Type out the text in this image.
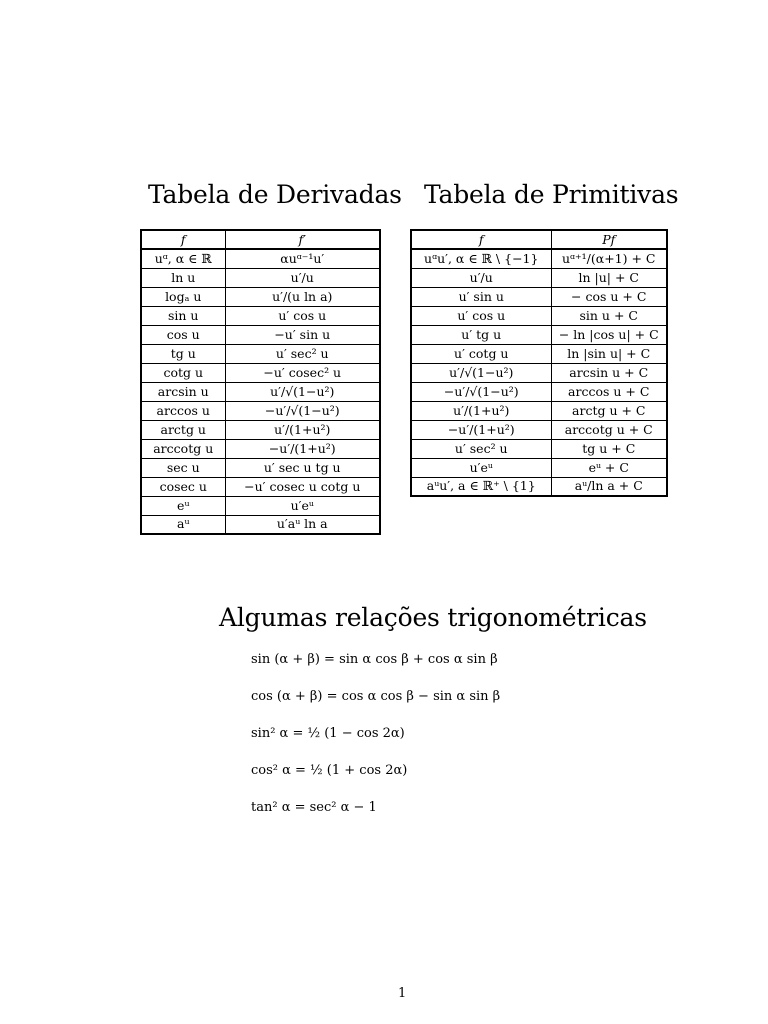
Tabela de Derivadas Tabela de Primitivas
f	f′
uᵅ, α ∈ ℝ	αuᵅ⁻¹u′
ln u	u′/u
logₐ u	u′/(u ln a)
sin u	u′ cos u
cos u	−u′ sin u
tg u	u′ sec² u
cotg u	−u′ cosec² u
arcsin u	u′/√(1−u²)
arccos u	−u′/√(1−u²)
arctg u	u′/(1+u²)
arccotg u	−u′/(1+u²)
sec u	u′ sec u tg u
cosec u	−u′ cosec u cotg u
eᵘ	u′eᵘ
aᵘ	u′aᵘ ln a
f	Pf
uᵅu′, α ∈ ℝ \ {−1}	uᵅ⁺¹/(α+1) + C
u′/u	ln |u| + C
u′ sin u	− cos u + C
u′ cos u	sin u + C
u′ tg u	− ln |cos u| + C
u′ cotg u	ln |sin u| + C
u′/√(1−u²)	arcsin u + C
−u′/√(1−u²)	arccos u + C
u′/(1+u²)	arctg u + C
−u′/(1+u²)	arccotg u + C
u′ sec² u	tg u + C
u′eᵘ	eᵘ + C
aᵘu′, a ∈ ℝ⁺ \ {1}	aᵘ/ln a + C
Algumas relações trigonométricas
sin (α + β) = sin α cos β + cos α sin β
cos (α + β) = cos α cos β − sin α sin β
sin² α = ½ (1 − cos 2α)
cos² α = ½ (1 + cos 2α)
tan² α = sec² α − 1
1
